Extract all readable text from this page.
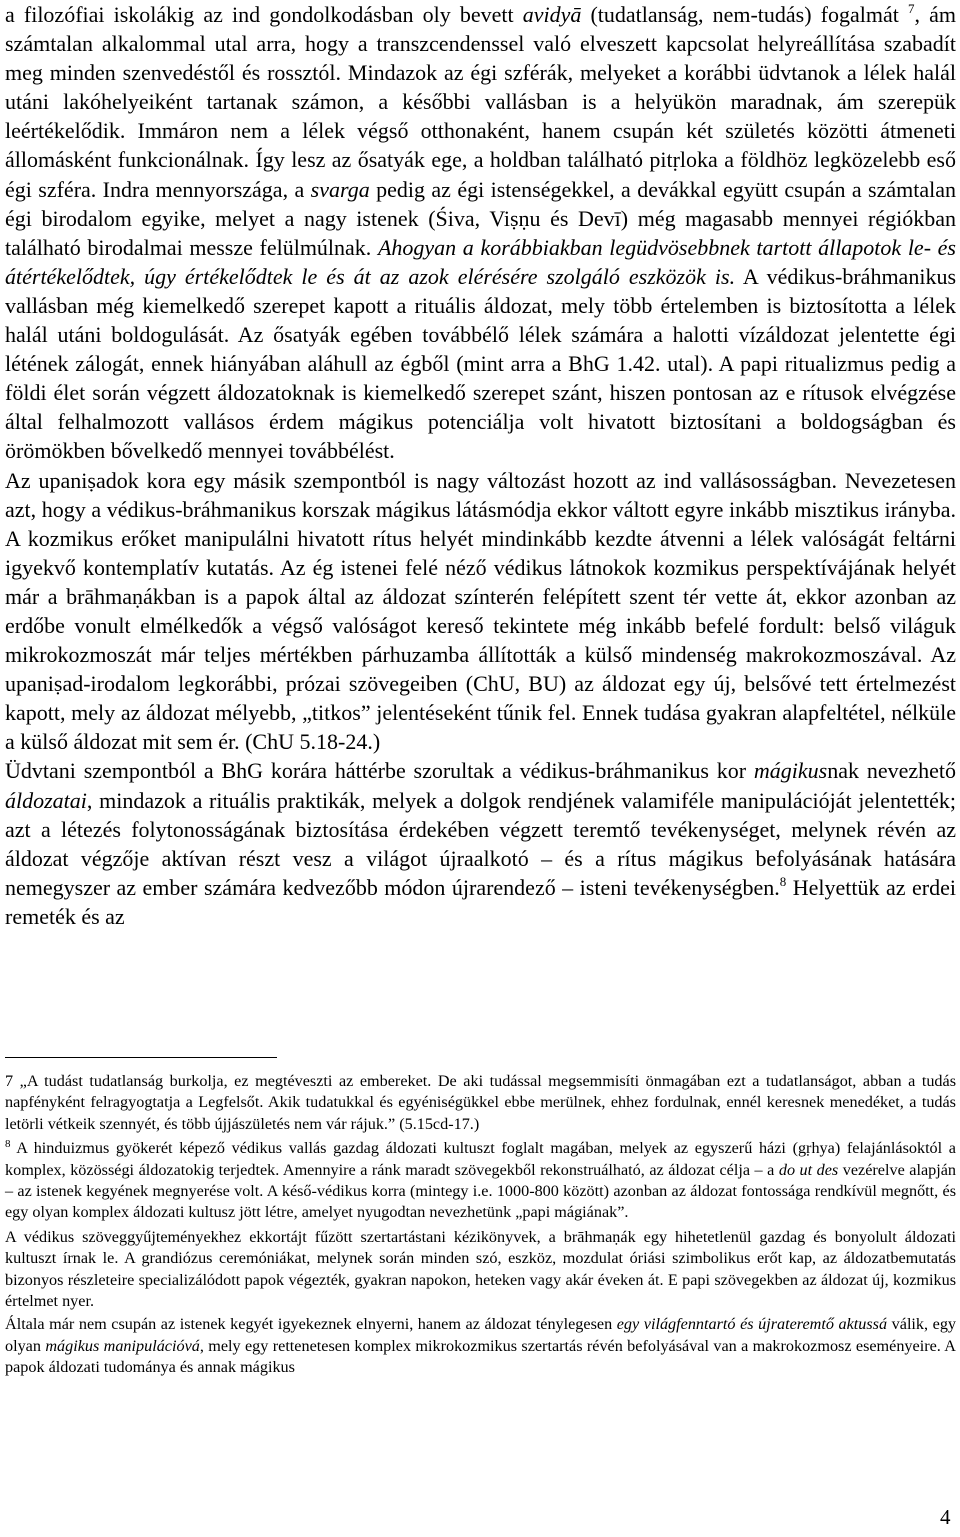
a filozófiai iskolákig az ind gondolkodásban oly bevett avidyā (tudatlanság, nem-tudás) fogalmát $^7$, ám számtalan alkalommal utal arra, hogy a transzcendenssel való elveszett kapcsolat helyreállítása szabadít meg minden szenvedéstől és rossztól. Mindazok az égi szférák, melyeket a korábbi üdvtanok a lélek halál utáni lakóhelyeiként tartanak számon, a későbbi vallásban is a helyükön maradnak, ám szerepük leértékelődik. Immáron nem a lélek végső otthonaként, hanem csupán két születés közötti átmeneti állomásként funkcionálnak. Így lesz az ősatyák ege, a holdban található pitṛloka a földhöz legközelebb eső égi szféra. Indra mennyországa, a svarga pedig az égi istenségekkel, a devákkal együtt csupán a számtalan égi birodalom egyike, melyet a nagy istenek (Śiva, Viṣṇu és Devī) még magasabb mennyei régiókban található birodalmai messze felülmúlnak. Ahogyan a korábbiakban legüdvösebbnek tartott állapotok le- és átértékelődtek, úgy értékelődtek le és át az azok elérésére szolgáló eszközök is. A védikus-bráhmanikus vallásban még kiemelkedő szerepet kapott a rituális áldozat, mely több értelemben is biztosította a lélek halál utáni boldogulását. Az ősatyák egében továbbélő lélek számára a halotti vízáldozat jelentette égi létének zálogát, ennek hiányában aláhull az égből (mint arra a BhG 1.42. utal). A papi ritualizmus pedig a földi élet során végzett áldozatoknak is kiemelkedő szerepet szánt, hiszen pontosan az e rítusok elvégzése által felhalmozott vallásos érdem mágikus potenciálja volt hivatott biztosítani a boldogságban és örömökben bővelkedő mennyei továbbélést.

Az upaniṣadok kora egy másik szempontból is nagy változást hozott az ind vallásosságban. Nevezetesen azt, hogy a védikus-bráhmanikus korszak mágikus látásmódja ekkor váltott egyre inkább misztikus irányba. A kozmikus erőket manipulálni hivatott rítus helyét mindinkább kezdte átvenni a lélek valóságát feltárni igyekvő kontemplatív kutatás. Az ég istenei felé néző védikus látnokok kozmikus perspektívájának helyét már a brāhmaṇákban is a papok által az áldozat színterén felépített szent tér vette át, ekkor azonban az erdőbe vonult elmélkedők a végső valóságot kereső tekintete még inkább befelé fordult: belső világuk mikrokozmoszát már teljes mértékben párhuzamba állították a külső mindenség makrokozmoszával. Az upaniṣad-irodalom legkorábbi, prózai szövegeiben (ChU, BU) az áldozat egy új, belsővé tett értelmezést kapott, mely az áldozat mélyebb, „titkos” jelentéseként tűnik fel. Ennek tudása gyakran alapfeltétel, nélküle a külső áldozat mit sem ér. (ChU 5.18-24.)

Üdvtani szempontból a BhG korára háttérbe szorultak a védikus-bráhmanikus kor mágikusnak nevezhető áldozatai, mindazok a rituális praktikák, melyek a dolgok rendjének valamiféle manipulációját jelentették; azt a létezés folytonosságának biztosítása érdekében végzett teremtő tevékenységet, melynek révén az áldozat végzője aktívan részt vesz a világot újraalkotó – és a rítus mágikus befolyásának hatására nemegyszer az ember számára kedvezőbb módon újrarendező – isteni tevékenységben.$^8$ Helyettük az erdei remeték és az

7 „A tudást tudatlanság burkolja, ez megtéveszti az embereket. De aki tudással megsemmisíti önmagában ezt a tudatlanságot, abban a tudás napfényként felragyogtatja a Legfelsőt. Akik tudatukkal és egyéniségükkel ebbe merülnek, ehhez fordulnak, ennél keresnek menedéket, a tudás letörli vétkeik szennyét, és több újjászületés nem vár rájuk.” (5.15cd-17.)

$^8$ A hinduizmus gyökerét képező védikus vallás gazdag áldozati kultuszt foglalt magában, melyek az egyszerű házi (gṛhya) felajánlásoktól a komplex, közösségi áldozatokig terjedtek. Amennyire a ránk maradt szövegekből rekonstruálható, az áldozat célja – a do ut des vezérelve alapján – az istenek kegyének megnyerése volt. A késő-védikus korra (mintegy i.e. 1000-800 között) azonban az áldozat fontossága rendkívül megnőtt, és egy olyan komplex áldozati kultusz jött létre, amelyet nyugodtan nevezhetünk „papi mágiának”.

A védikus szöveggyűjteményekhez ekkortájt fűzött szertartástani kézikönyvek, a brāhmaṇák egy hihetetlenül gazdag és bonyolult áldozati kultuszt írnak le. A grandiózus ceremóniákat, melynek során minden szó, eszköz, mozdulat óriási szimbolikus erőt kap, az áldozatbemutatás bizonyos részleteire specializálódott papok végezték, gyakran napokon, heteken vagy akár éveken át. E papi szövegekben az áldozat új, kozmikus értelmet nyer.

Általa már nem csupán az istenek kegyét igyekeznek elnyerni, hanem az áldozat ténylegesen egy világfenntartó és újrateremtő aktussá válik, egy olyan mágikus manipulációvá, mely egy rettenetesen komplex mikrokozmikus szertartás révén befolyásával van a makrokozmosz eseményeire. A papok áldozati tudománya és annak mágikus

4
